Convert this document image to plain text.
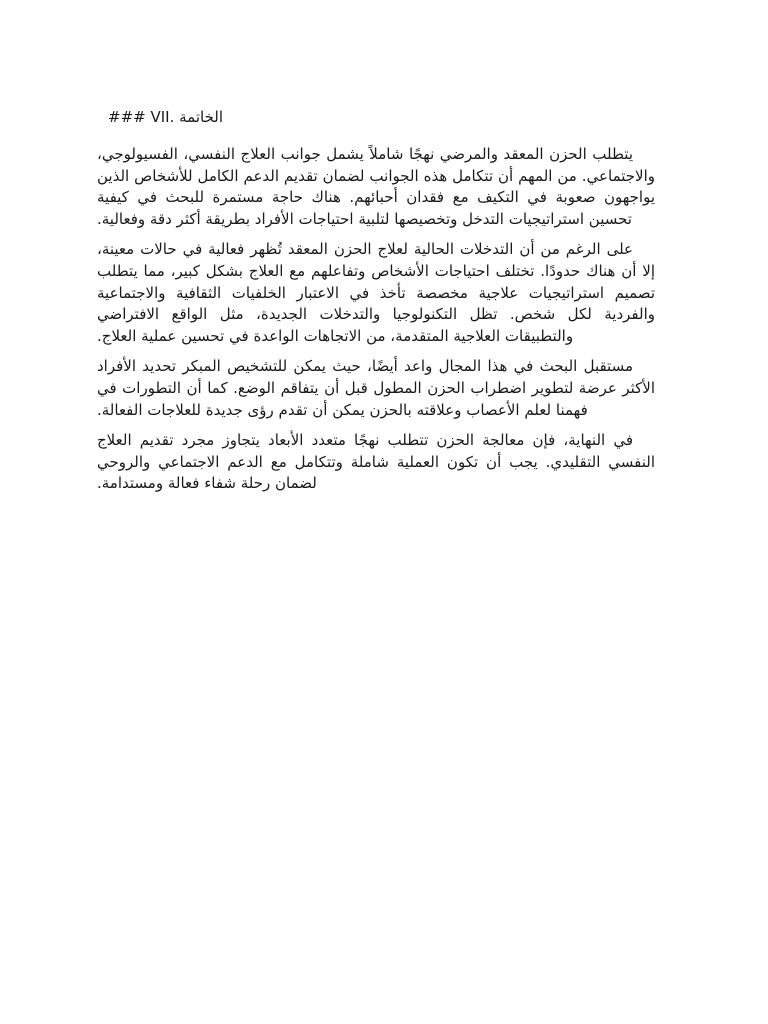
### VII. الخاتمة

يتطلب الحزن المعقد والمرضي نهجًا شاملاً يشمل جوانب العلاج النفسي، الفسيولوجي، والاجتماعي. من المهم أن تتكامل هذه الجوانب لضمان تقديم الدعم الكامل للأشخاص الذين يواجهون صعوبة في التكيف مع فقدان أحبائهم. هناك حاجة مستمرة للبحث في كيفية تحسين استراتيجيات التدخل وتخصيصها لتلبية احتياجات الأفراد بطريقة أكثر دقة وفعالية.

على الرغم من أن التدخلات الحالية لعلاج الحزن المعقد تُظهر فعالية في حالات معينة، إلا أن هناك حدودًا. تختلف احتياجات الأشخاص وتفاعلهم مع العلاج بشكل كبير، مما يتطلب تصميم استراتيجيات علاجية مخصصة تأخذ في الاعتبار الخلفيات الثقافية والاجتماعية والفردية لكل شخص. تظل التكنولوجيا والتدخلات الجديدة، مثل الواقع الافتراضي والتطبيقات العلاجية المتقدمة، من الاتجاهات الواعدة في تحسين عملية العلاج.

مستقبل البحث في هذا المجال واعد أيضًا، حيث يمكن للتشخيص المبكر تحديد الأفراد الأكثر عرضة لتطوير اضطراب الحزن المطول قبل أن يتفاقم الوضع. كما أن التطورات في فهمنا لعلم الأعصاب وعلاقته بالحزن يمكن أن تقدم رؤى جديدة للعلاجات الفعالة.

في النهاية، فإن معالجة الحزن تتطلب نهجًا متعدد الأبعاد يتجاوز مجرد تقديم العلاج النفسي التقليدي. يجب أن تكون العملية شاملة وتتكامل مع الدعم الاجتماعي والروحي لضمان رحلة شفاء فعالة ومستدامة.
